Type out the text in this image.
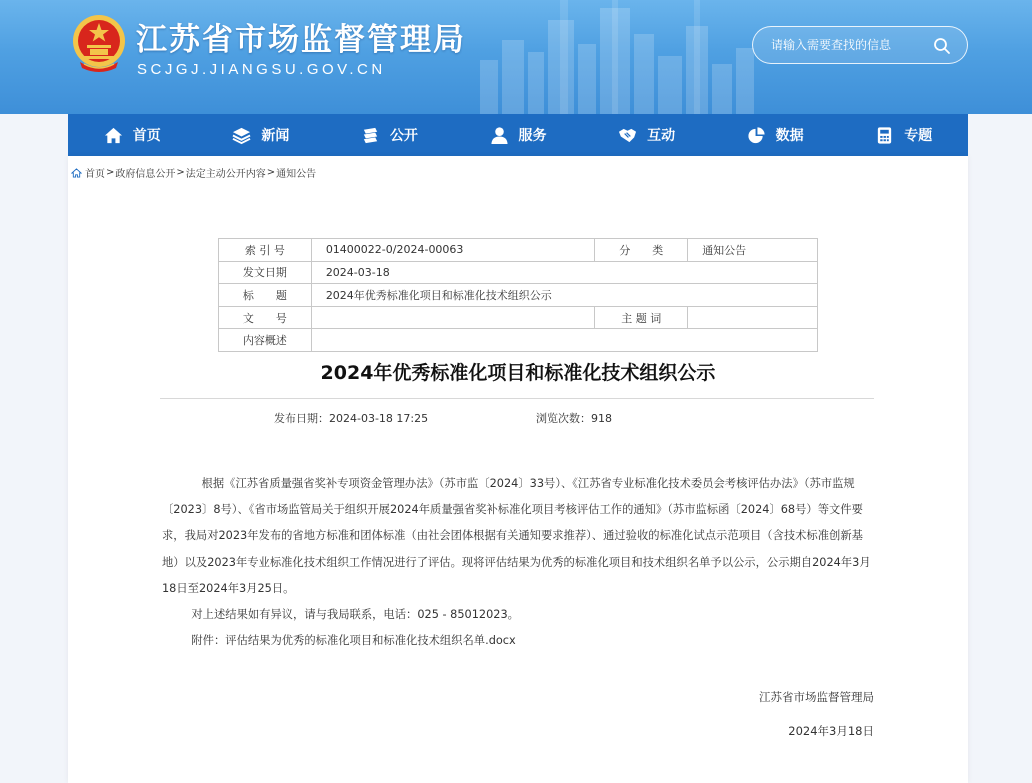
江苏省市场监督管理局
SCJGJ.JIANGSU.GOV.CN
请输入需要查找的信息
首页	新闻	公开	服务	互动	数据	专题
首页 > 政府信息公开 > 法定主动公开内容 > 通知公告
索 引 号	01400022-0/2024-00063	分　　类	通知公告
发文日期	2024-03-18		
标　　题	2024年优秀标准化项目和标准化技术组织公示		
文　　号		主 题 词	
内容概述			
2024年优秀标准化项目和标准化技术组织公示
发布日期：2024-03-18 17:25	浏览次数：918

根据《江苏省质量强省奖补专项资金管理办法》（苏市监〔2024〕33号）、《江苏省专业标准化技术委员会考核评估办法》（苏市监规〔2023〕8号）、《省市场监管局关于组织开展2024年质量强省奖补标准化项目考核评估工作的通知》（苏市监标函〔2024〕68号）等文件要求，我局对2023年发布的省地方标准和团体标准（由社会团体根据有关通知要求推荐）、通过验收的标准化试点示范项目（含技术标准创新基地）以及2023年专业标准化技术组织工作情况进行了评估。现将评估结果为优秀的标准化项目和技术组织名单予以公示，公示期自2024年3月18日至2024年3月25日。

对上述结果如有异议，请与我局联系，电话：025 - 85012023。

附件：评估结果为优秀的标准化项目和标准化技术组织名单.docx

江苏省市场监督管理局
2024年3月18日
